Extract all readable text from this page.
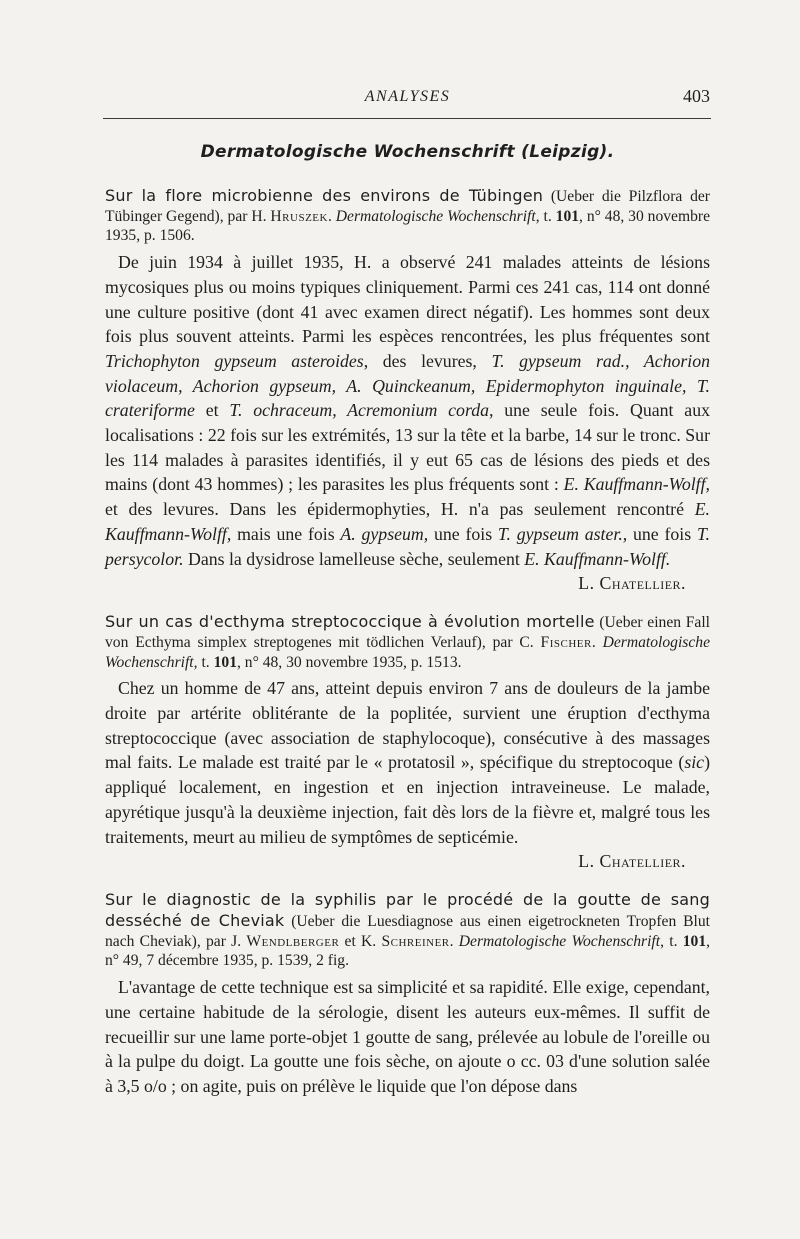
ANALYSES	403
Dermatologische Wochenschrift (Leipzig).

Sur la flore microbienne des environs de Tübingen (Ueber die Pilzflora der Tübinger Gegend), par H. Hruszek. Dermatologische Wochenschrift, t. 101, n° 48, 30 novembre 1935, p. 1506.

De juin 1934 à juillet 1935, H. a observé 241 malades atteints de lésions mycosiques plus ou moins typiques cliniquement. Parmi ces 241 cas, 114 ont donné une culture positive (dont 41 avec examen direct négatif). Les hommes sont deux fois plus souvent atteints. Parmi les espèces rencontrées, les plus fréquentes sont Trichophyton gypseum asteroides, des levures, T. gypseum rad., Achorion violaceum, Achorion gypseum, A. Quinckeanum, Epidermophyton inguinale, T. crateriforme et T. ochraceum, Acremonium corda, une seule fois. Quant aux localisations : 22 fois sur les extrémités, 13 sur la tête et la barbe, 14 sur le tronc. Sur les 114 malades à parasites identifiés, il y eut 65 cas de lésions des pieds et des mains (dont 43 hommes) ; les parasites les plus fréquents sont : E. Kauffmann-Wolff, et des levures. Dans les épidermophyties, H. n'a pas seulement rencontré E. Kauffmann-Wolff, mais une fois A. gypseum, une fois T. gypseum aster., une fois T. persycolor. Dans la dysidrose lamelleuse sèche, seulement E. Kauffmann-Wolff.

L. Chatellier.

Sur un cas d'ecthyma streptococcique à évolution mortelle (Ueber einen Fall von Ecthyma simplex streptogenes mit tödlichen Verlauf), par C. Fischer. Dermatologische Wochenschrift, t. 101, n° 48, 30 novembre 1935, p. 1513.

Chez un homme de 47 ans, atteint depuis environ 7 ans de douleurs de la jambe droite par artérite oblitérante de la poplitée, survient une éruption d'ecthyma streptococcique (avec association de staphylocoque), consécutive à des massages mal faits. Le malade est traité par le « protatosil », spécifique du streptocoque (sic) appliqué localement, en ingestion et en injection intraveineuse. Le malade, apyrétique jusqu'à la deuxième injection, fait dès lors de la fièvre et, malgré tous les traitements, meurt au milieu de symptômes de septicémie.

L. Chatellier.

Sur le diagnostic de la syphilis par le procédé de la goutte de sang desséché de Cheviak (Ueber die Luesdiagnose aus einen eigetrockneten Tropfen Blut nach Cheviak), par J. Wendlberger et K. Schreiner. Dermatologische Wochenschrift, t. 101, n° 49, 7 décembre 1935, p. 1539, 2 fig.

L'avantage de cette technique est sa simplicité et sa rapidité. Elle exige, cependant, une certaine habitude de la sérologie, disent les auteurs eux-mêmes. Il suffit de recueillir sur une lame porte-objet 1 goutte de sang, prélevée au lobule de l'oreille ou à la pulpe du doigt. La goutte une fois sèche, on ajoute o cc. 03 d'une solution salée à 3,5 o/o ; on agite, puis on prélève le liquide que l'on dépose dans
